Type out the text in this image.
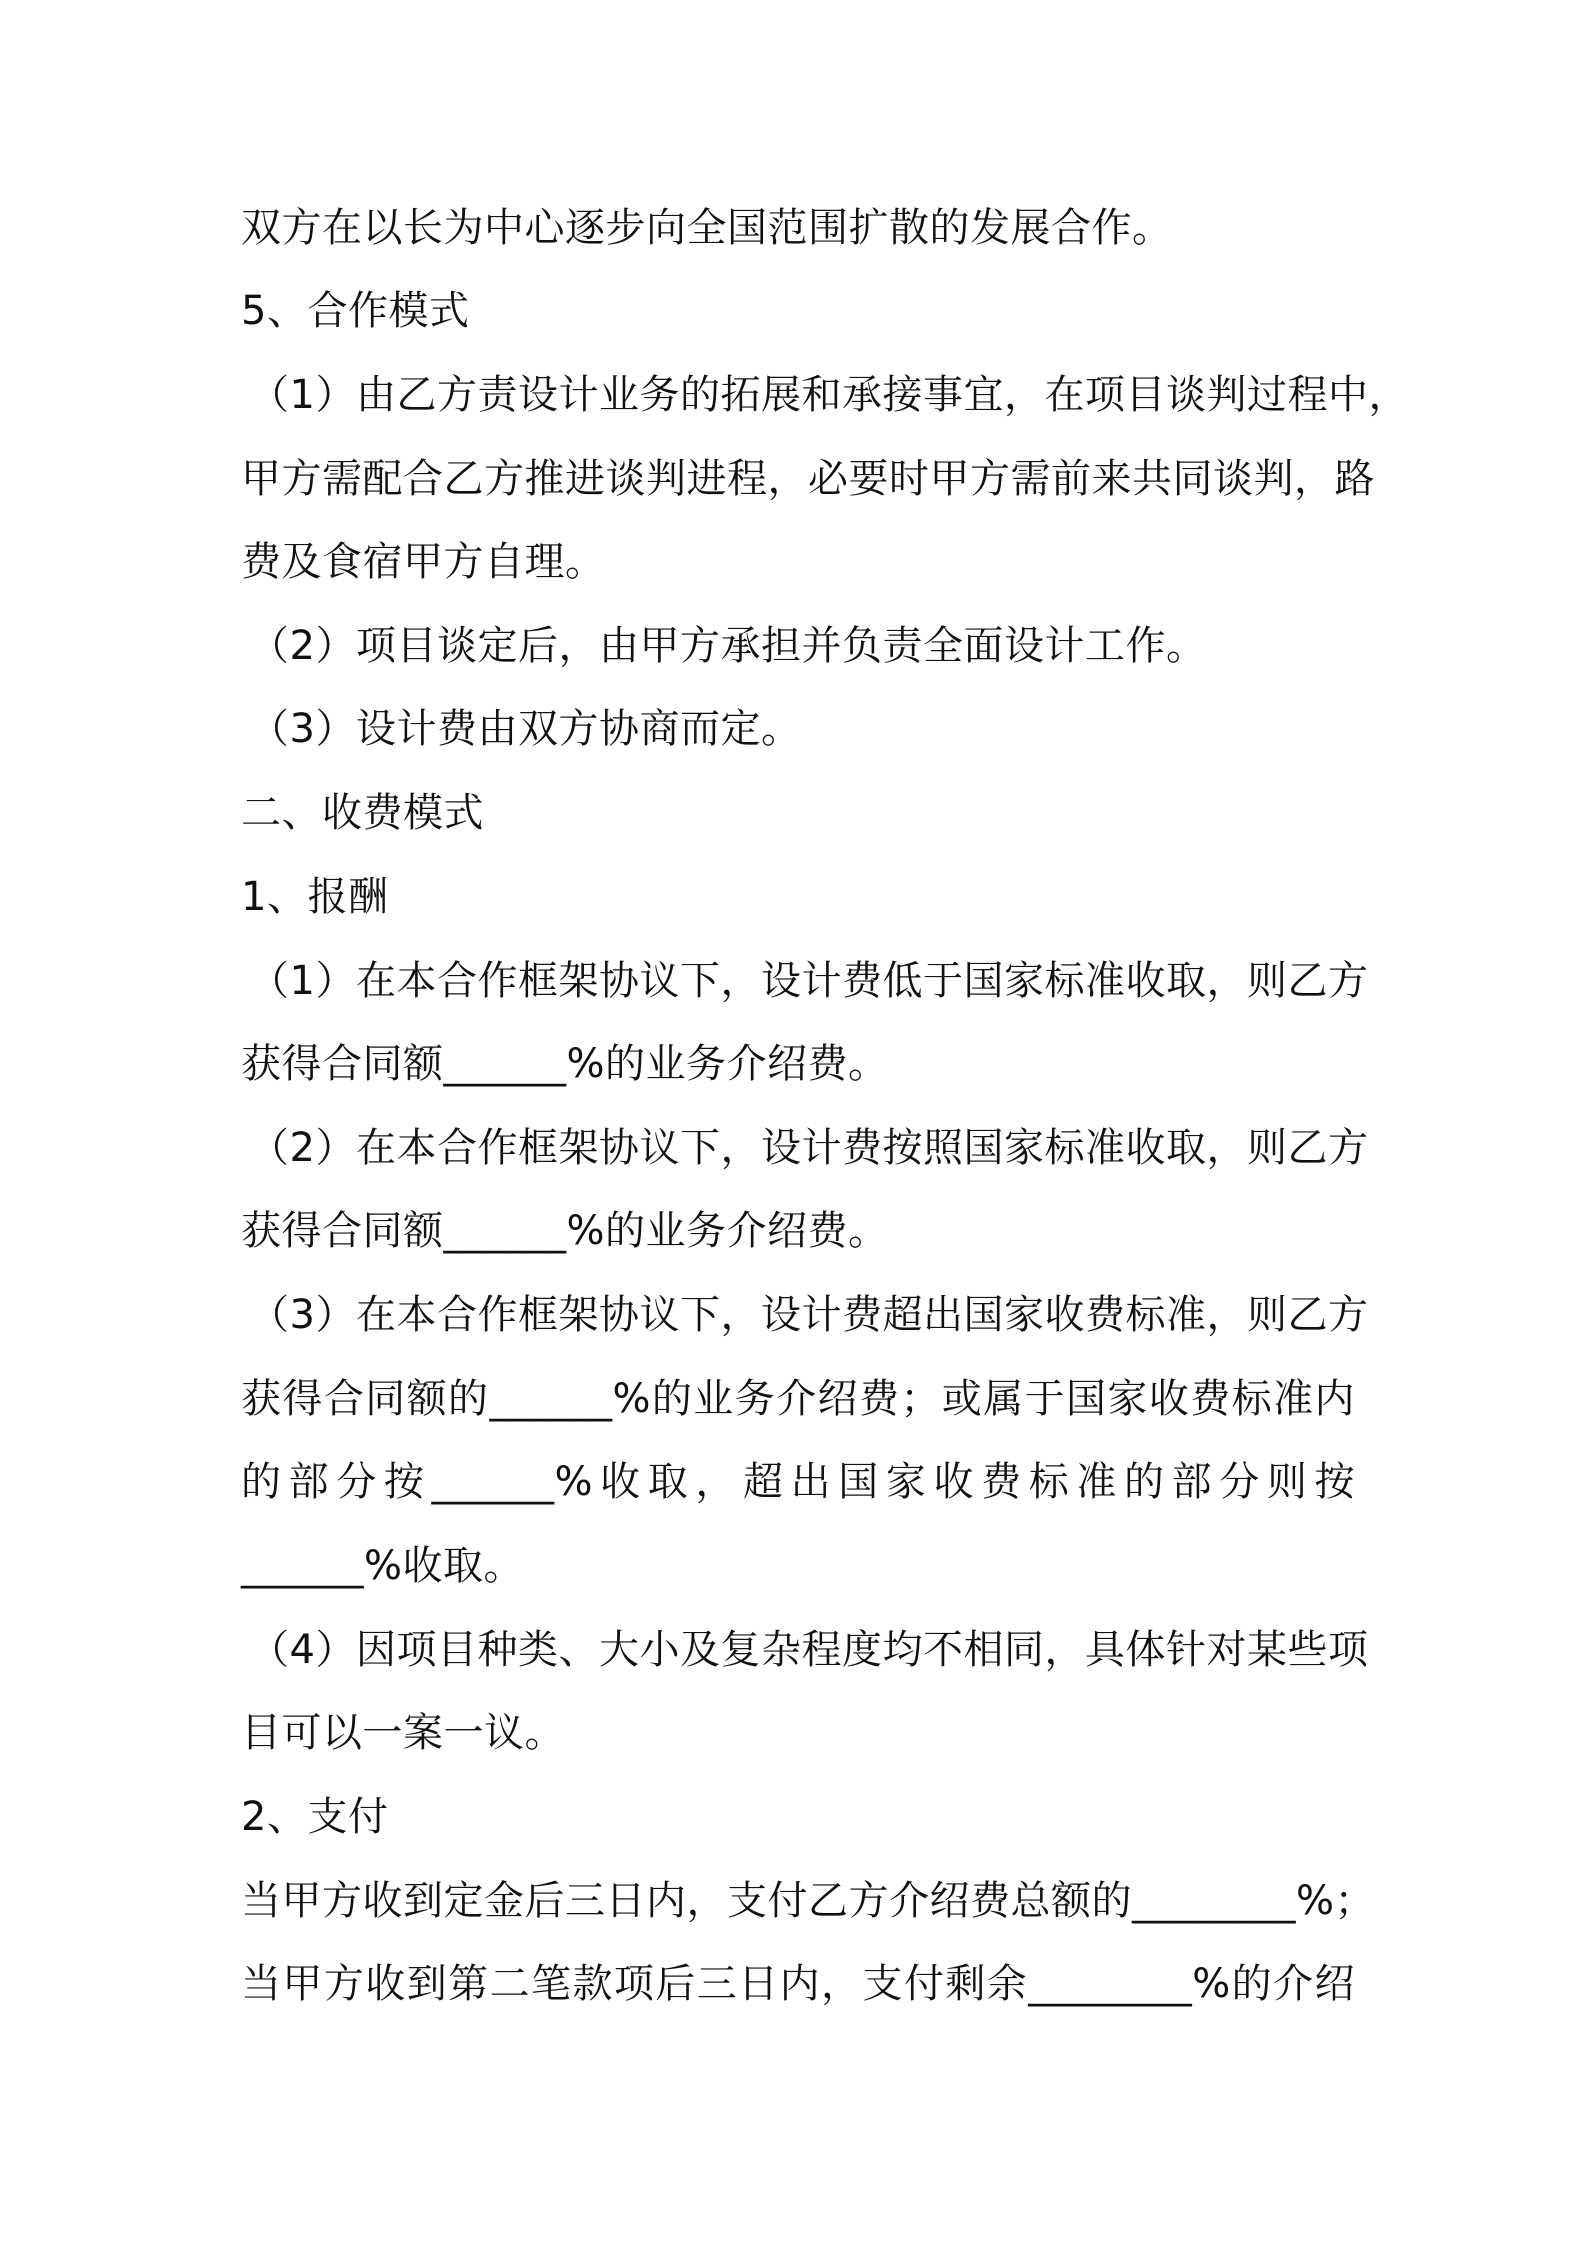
双方在以长为中心逐步向全国范围扩散的发展合作。
5、合作模式
（1）由乙方责设计业务的拓展和承接事宜，在项目谈判过程中，
甲方需配合乙方推进谈判进程，必要时甲方需前来共同谈判，路
费及食宿甲方自理。
（2）项目谈定后，由甲方承担并负责全面设计工作。
（3）设计费由双方协商而定。
二、收费模式
1、报酬
（1）在本合作框架协议下，设计费低于国家标准收取，则乙方
获得合同额______%的业务介绍费。
（2）在本合作框架协议下，设计费按照国家标准收取，则乙方
获得合同额______%的业务介绍费。
（3）在本合作框架协议下，设计费超出国家收费标准，则乙方
获得合同额的______%的业务介绍费；或属于国家收费标准内
的部分按______%收取，超出国家收费标准的部分则按
______%收取。
（4）因项目种类、大小及复杂程度均不相同，具体针对某些项
目可以一案一议。
2、支付
当甲方收到定金后三日内，支付乙方介绍费总额的________%；
当甲方收到第二笔款项后三日内，支付剩余________%的介绍
